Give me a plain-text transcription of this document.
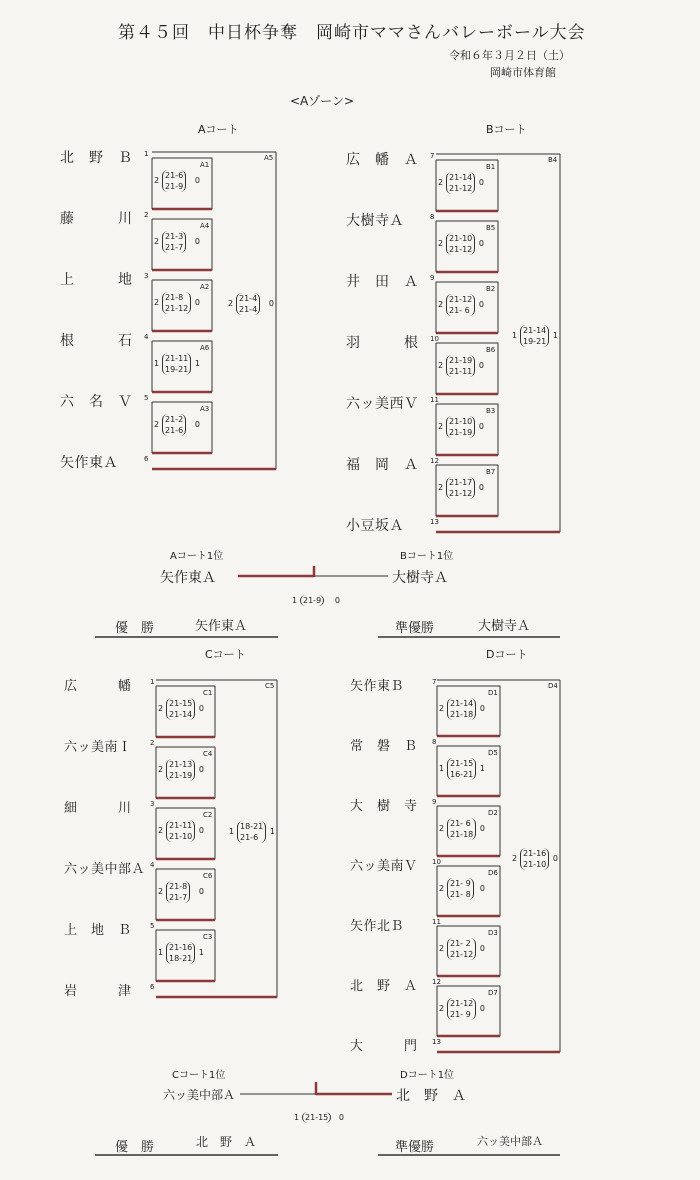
第４５回　中日杯争奪　岡崎市ママさんバレーボール大会
令和６年３月２日（土）
岡崎市体育館
<Aゾーン>
Aコート	Bコート
Cコート	Dコート
北　野　Ｂ 1
藤　　　川 2
上　　　地 3
根　　　石 4
六　名　Ｖ 5
矢作東Ａ	6
A1
2
21-6
21-9
0
A4
2
21-3
21-7
0
A2
2
21-8
21-12
0
A6
1
21-11
19-21
1
A3
2
21-2
21-6
0
A5
2
21-4
21-4
0
広　幡　Ａ 7
大樹寺Ａ	8
井　田　Ａ 9
羽　　　根 10
六ッ美西Ｖ 11
福　岡　Ａ 12
小豆坂Ａ	13
B1
2
21-14
21-12
0
B5
2
21-10
21-12
0
B2
2
21-12
21- 6
0
B6
2
21-19
21-11
0
B3
2
21-10
21-19
0
B7
2
21-17
21-12
0
B4
1
21-14
19-21
1
広　　　幡	1
六ッ美南Ｉ	2
細　　　川	3
六ッ美中部Ａ 4
上　地　Ｂ	5
岩　　　津	6
C1
2
21-15
21-14
0
C4
2
21-13
21-19
0
C2
2
21-11
21-10
0
C6
2
21-8
21-7
0
C3
1
21-16
18-21
1
C5
1
18-21
21-6
1
矢作東Ｂ	7
常　磐　Ｂ 8
大　樹　寺 9
六ッ美南Ｖ 10
矢作北Ｂ	11
北　野　Ａ 12
大　　　門 13
D1
2
21-14
21-18
0
D5
1
21-15
16-21
1
D2
2
21- 6
21-18
0
D6
2
21- 9
21- 8
0
D3
2
21- 2
21-12
0
D7
2
21-12
21- 9
0
D4
2
21-16
21-10
0
Aコート1位	Bコート1位
矢作東Ａ	大樹寺Ａ
1 21-9	0
優　勝	矢作東Ａ	準優勝	大樹寺Ａ
Cコート1位	Dコート1位
六ッ美中部Ａ	北　野　Ａ
1 21-15	0
優　勝	北　野　Ａ	準優勝	六ッ美中部Ａ
